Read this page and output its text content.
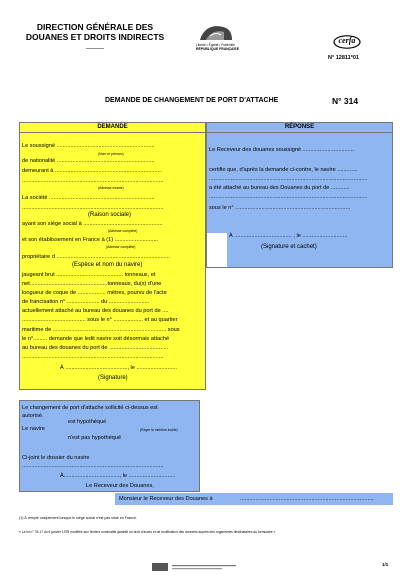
DIRECTION GÉNÉRALE DES
DOUANES ET DROITS INDIRECTS
———
Liberté • Égalité • Fraternité
RÉPUBLIQUE FRANÇAISE
cerfa
N° 12811*01
DEMANDE DE CHANGEMENT DE PORT D'ATTACHE	N° 314
DEMANDE
Le soussigné ...............................................................
(Nom et prénom)
de nationalité ...............................................................
demeurant à .....................................................................
...........................................................................................
(Adresse exacte)
La société ....................................................................
...........................................................................................
(Raison sociale)
ayant son siège social à ...................................................
(Adresse complète)
et son établissement en France à (1) ............................
(Adresse complète)
propriétaire d .........................................................................
(Espèce et nom du navire)
jaugeant brut ........................................... tonneaux, et
net..................................................tonneaux, du(x) d'une
longueur de coque de .................. mètres, pourvu de l'acte
de francisation n° ..................... du ..........................
actuellement attaché au bureau des douanes du port de ....
......................................... sous le n° ................... et au quartier
maritime de ......................................................................... sous
le n°......... demande que ledit navire soit désormais attaché
au bureau des douanes du port de ......................................
...........................................................................................
À ........................................, le ..........................
(Signature)
RÉPONSE
Le Receveur des douanes soussigné .................................
certifie que, d'après la demande ci-contre, le navire .............
......................................................................................................
a été attaché au bureau des Douanes du port de ............
......................................................................................................
sous le n° ..........................................................................
À ..................................... , le .............................
(Signature et cachet)
Le changement de port d'attache sollicité ci-dessus est
autorisé.
Le navire
est hypothéqué
(Rayer la mention inutile)
n'est pas hypothéqué
Ci-joint le dossier du navire
...........................................................................................
À...................................., le ..............................
Le Receveur des Douanes,
Monsieur le Receveur des Douanes à	......................................................................................
(1) À remplir uniquement lorsque le siège social n'est pas situé en France.
« La loi n° 78-17 du 6 janvier 1978 modifiée aux fichiers nominatifs garantit un droit d'accès et de rectification des données auprès des organismes destinataires du formulaire ».
1/1
